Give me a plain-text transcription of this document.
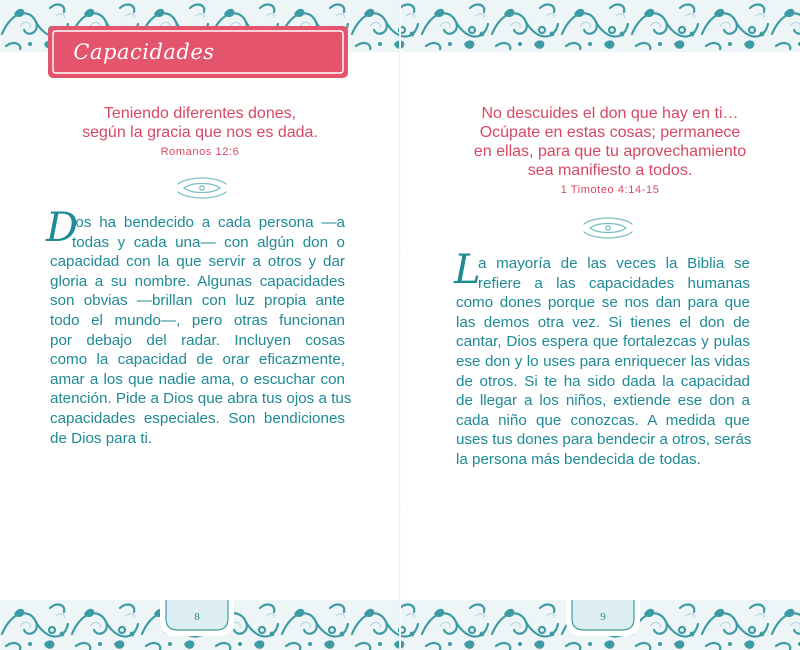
Capacidades
Teniendo diferentes dones,
según la gracia que nos es dada.
Romanos 12:6
D
ios ha bendecido a cada persona —a
todas y cada una— con algún don o
capacidad con la que servir a otros y dar
gloria a su nombre. Algunas capacidades
son obvias —brillan con luz propia ante
todo el mundo—, pero otras funcionan
por debajo del radar. Incluyen cosas
como la capacidad de orar eficazmente,
amar a los que nadie ama, o escuchar con
atención. Pide a Dios que abra tus ojos a tus
capacidades especiales. Son bendiciones
de Dios para ti.
8
No descuides el don que hay en ti…
Ocúpate en estas cosas; permanece
en ellas, para que tu aprovechamiento
sea manifiesto a todos.
1 Timoteo 4:14-15
L
a mayoría de las veces la Biblia se
refiere a las capacidades humanas
como dones porque se nos dan para que
las demos otra vez. Si tienes el don de
cantar, Dios espera que fortalezcas y pulas
ese don y lo uses para enriquecer las vidas
de otros. Si te ha sido dada la capacidad
de llegar a los niños, extiende ese don a
cada niño que conozcas. A medida que
uses tus dones para bendecir a otros, serás
la persona más bendecida de todas.
9
